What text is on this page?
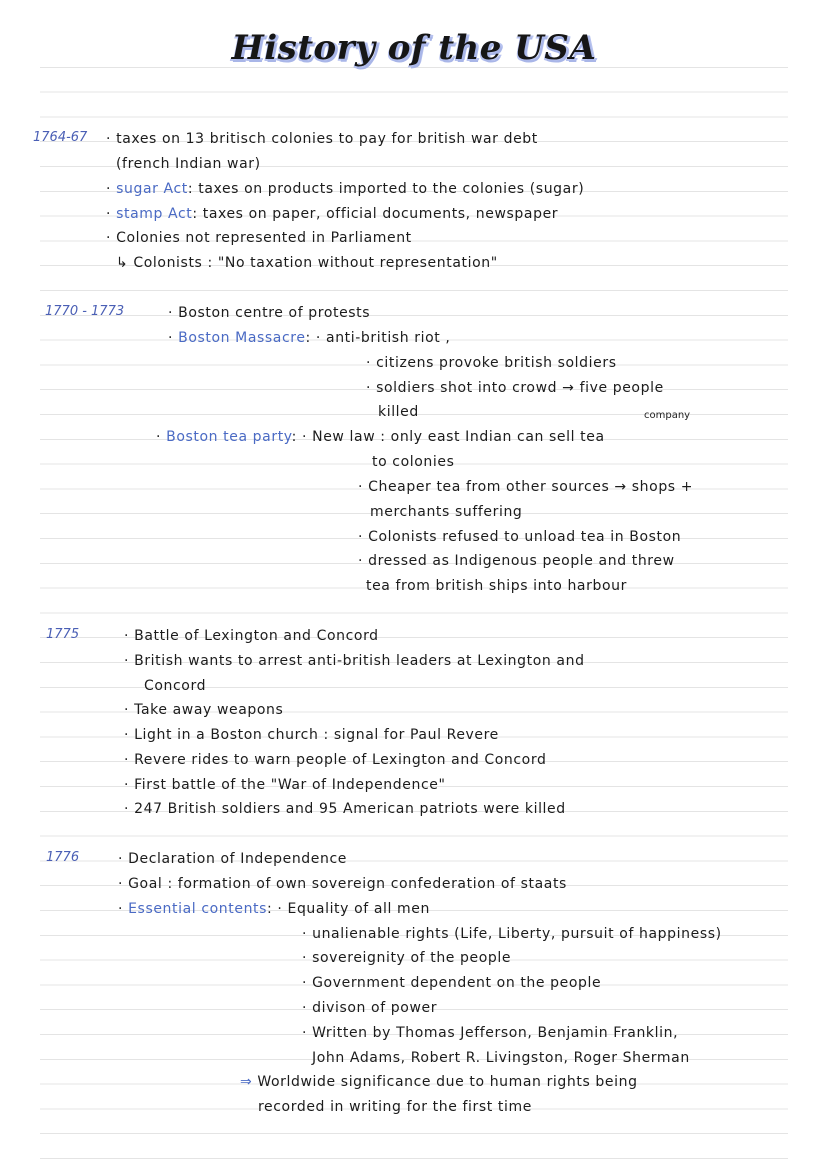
History of the USA
1764-67 · taxes on 13 britisch colonies to pay for british war debt
(french Indian war)
· sugar Act: taxes on products imported to the colonies (sugar)
· stamp Act: taxes on paper, official documents, newspaper
· Colonies not represented in Parliament
↳ Colonists : "No taxation without representation"
1770 - 1773	· Boston centre of protests
· Boston Massacre: · anti-british riot ,
· citizens provoke british soldiers
· soldiers shot into crowd → five people
killed	company
· Boston tea party: · New law : only east Indian can sell tea
to colonies
· Cheaper tea from other sources → shops +
merchants suffering
· Colonists refused to unload tea in Boston
· dressed as Indigenous people and threw
tea from british ships into harbour
1775	· Battle of Lexington and Concord
· British wants to arrest anti-british leaders at Lexington and
Concord
· Take away weapons
· Light in a Boston church : signal for Paul Revere
· Revere rides to warn people of Lexington and Concord
· First battle of the "War of Independence"
· 247 British soldiers and 95 American patriots were killed
1776	· Declaration of Independence
· Goal : formation of own sovereign confederation of staats
· Essential contents: · Equality of all men
· unalienable rights (Life, Liberty, pursuit of happiness)
· sovereignity of the people
· Government dependent on the people
· divison of power
· Written by Thomas Jefferson, Benjamin Franklin,
John Adams, Robert R. Livingston, Roger Sherman
⇒ Worldwide significance due to human rights being
recorded in writing for the first time
